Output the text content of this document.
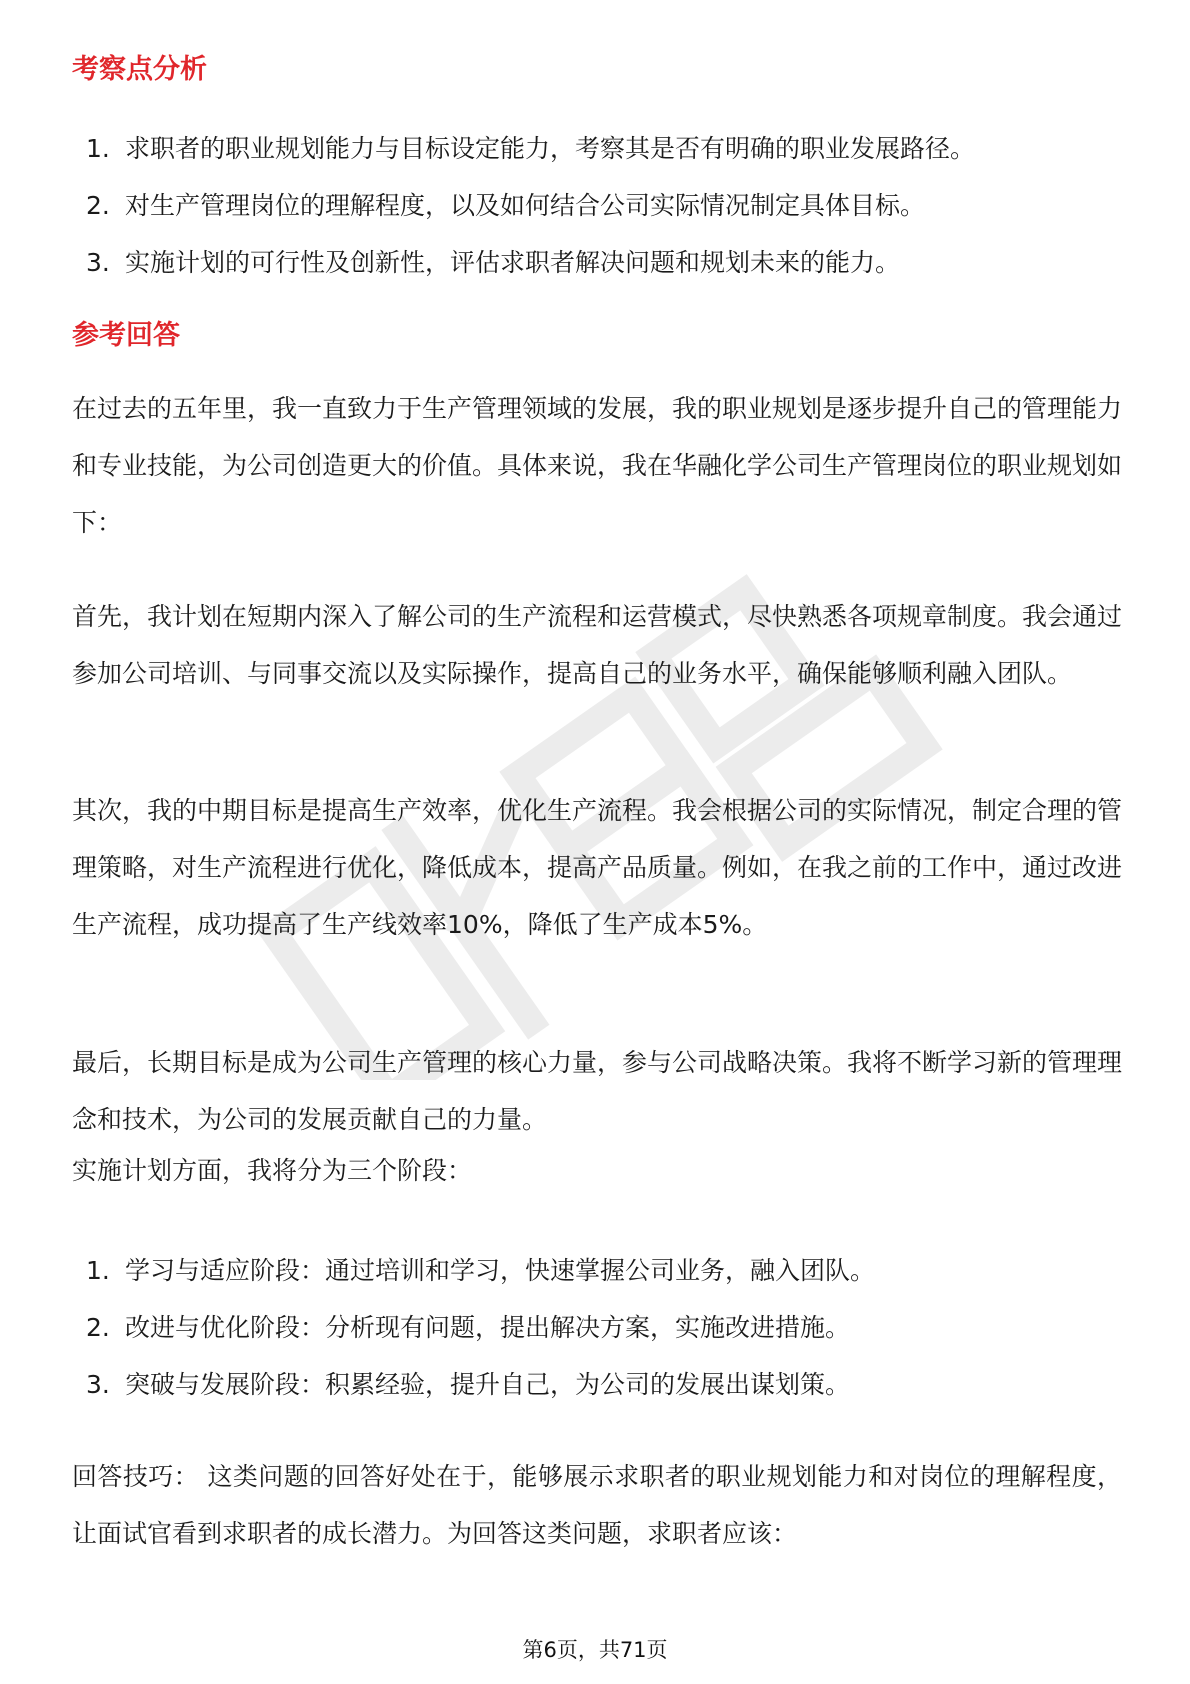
考察点分析
1. 求职者的职业规划能力与目标设定能力，考察其是否有明确的职业发展路径。
2. 对生产管理岗位的理解程度，以及如何结合公司实际情况制定具体目标。
3. 实施计划的可行性及创新性，评估求职者解决问题和规划未来的能力。
参考回答

在过去的五年里，我一直致力于生产管理领域的发展，我的职业规划是逐步提升自己的管理能力和专业技能，为公司创造更大的价值。具体来说，我在华融化学公司生产管理岗位的职业规划如下：

首先，我计划在短期内深入了解公司的生产流程和运营模式，尽快熟悉各项规章制度。我会通过参加公司培训、与同事交流以及实际操作，提高自己的业务水平，确保能够顺利融入团队。

其次，我的中期目标是提高生产效率，优化生产流程。我会根据公司的实际情况，制定合理的管理策略，对生产流程进行优化，降低成本，提高产品质量。例如，在我之前的工作中，通过改进生产流程，成功提高了生产线效率10%，降低了生产成本5%。

最后，长期目标是成为公司生产管理的核心力量，参与公司战略决策。我将不断学习新的管理理念和技术，为公司的发展贡献自己的力量。

实施计划方面，我将分为三个阶段：

1. 学习与适应阶段：通过培训和学习，快速掌握公司业务，融入团队。
2. 改进与优化阶段：分析现有问题，提出解决方案，实施改进措施。
3. 突破与发展阶段：积累经验，提升自己，为公司的发展出谋划策。

回答技巧： 这类问题的回答好处在于，能够展示求职者的职业规划能力和对岗位的理解程度，让面试官看到求职者的成长潜力。为回答这类问题，求职者应该：

第6页，共71页
